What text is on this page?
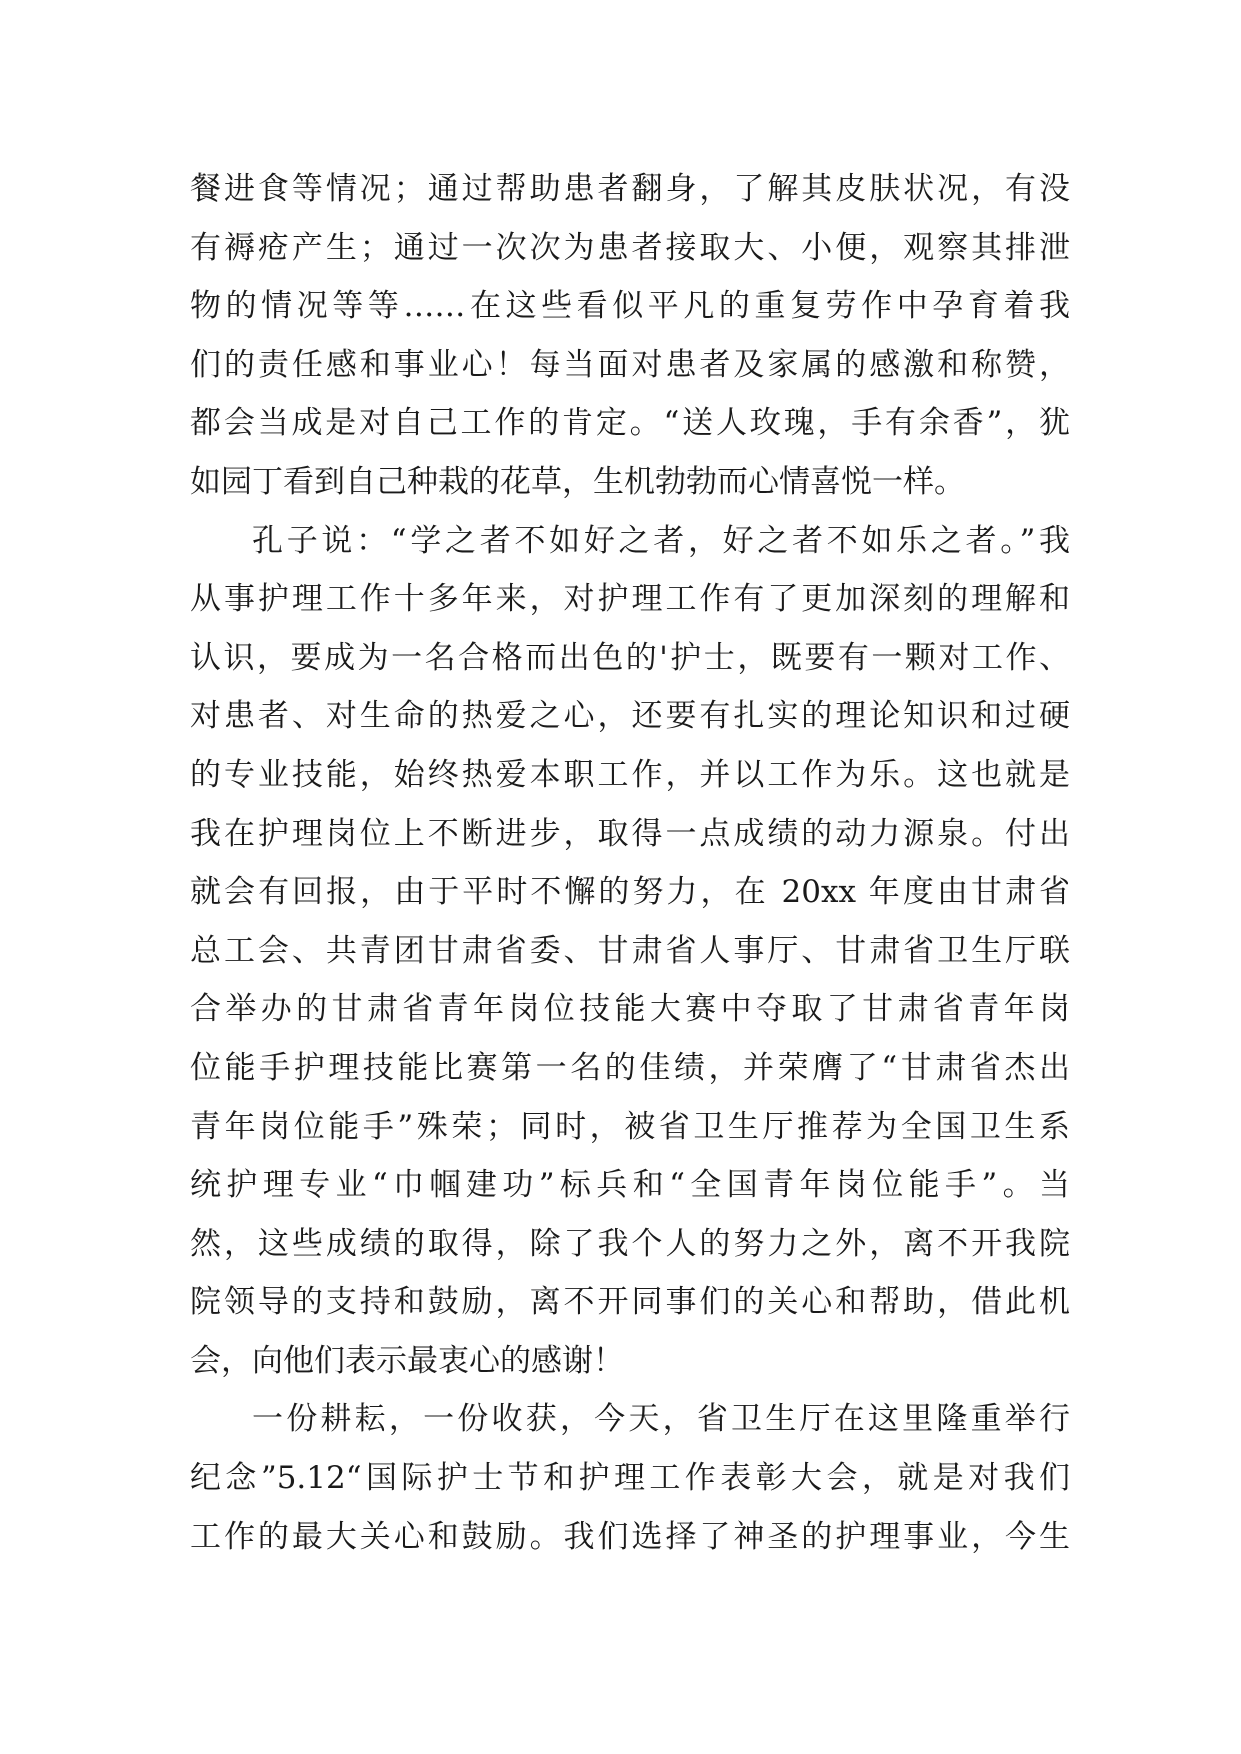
餐进食等情况；通过帮助患者翻身，了解其皮肤状况，有没
有褥疮产生；通过一次次为患者接取大、小便，观察其排泄
物的情况等等……在这些看似平凡的重复劳作中孕育着我
们的责任感和事业心！每当面对患者及家属的感激和称赞，
都会当成是对自己工作的肯定。“送人玫瑰，手有余香”，犹
如园丁看到自己种栽的花草，生机勃勃而心情喜悦一样。
孔子说：“学之者不如好之者，好之者不如乐之者。”我
从事护理工作十多年来，对护理工作有了更加深刻的理解和
认识，要成为一名合格而出色的'护士，既要有一颗对工作、
对患者、对生命的热爱之心，还要有扎实的理论知识和过硬
的专业技能，始终热爱本职工作，并以工作为乐。这也就是
我在护理岗位上不断进步，取得一点成绩的动力源泉。付出
就会有回报，由于平时不懈的努力，在 20xx 年度由甘肃省
总工会、共青团甘肃省委、甘肃省人事厅、甘肃省卫生厅联
合举办的甘肃省青年岗位技能大赛中夺取了甘肃省青年岗
位能手护理技能比赛第一名的佳绩，并荣膺了“甘肃省杰出
青年岗位能手”殊荣；同时，被省卫生厅推荐为全国卫生系
统护理专业“巾帼建功”标兵和“全国青年岗位能手”。当
然，这些成绩的取得，除了我个人的努力之外，离不开我院
院领导的支持和鼓励，离不开同事们的关心和帮助，借此机
会，向他们表示最衷心的感谢！
一份耕耘，一份收获，今天，省卫生厅在这里隆重举行
纪念”5.12“国际护士节和护理工作表彰大会，就是对我们
工作的最大关心和鼓励。我们选择了神圣的护理事业，今生
